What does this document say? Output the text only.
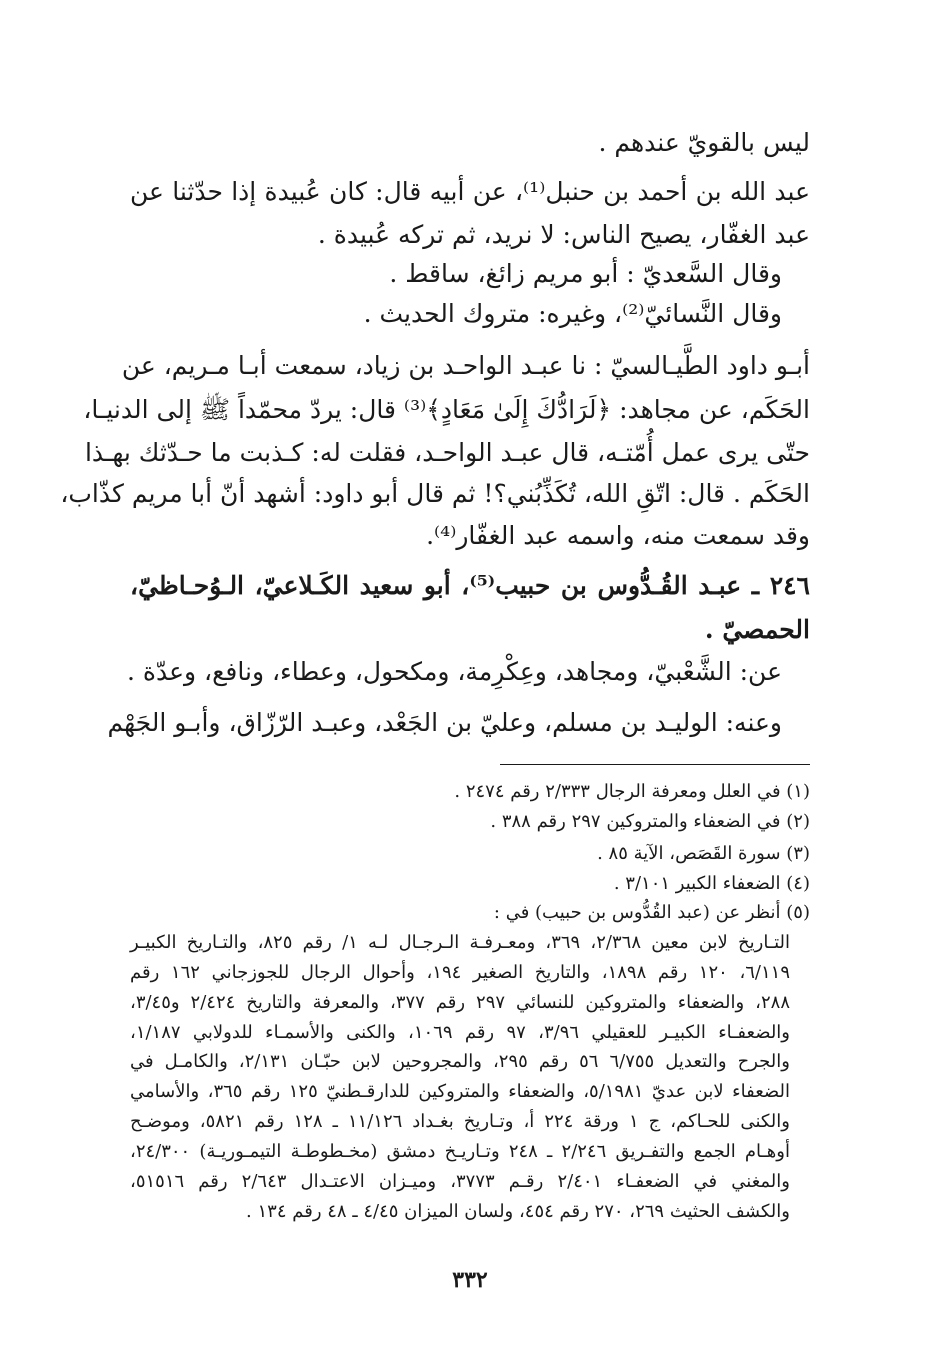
ليس بالقويّ عندهم .
عبد الله بن أحمد بن حنبل⁽¹⁾، عن أبيه قال: كان عُبيدة إذا حدّثنا عن
عبد الغفّار، يصيح الناس: لا نريد، ثم تركه عُبيدة .
وقال السَّعديّ : أبو مريم زائغ، ساقط .
وقال النَّسائيّ⁽²⁾، وغيره: متروك الحديث .
أبـو داود الطَّيـالسيّ : نا عبـد الواحـد بن زياد، سمعت أبـا مـريم، عن
الحَكَم، عن مجاهد: ﴿لَرَادُّكَ إِلَىٰ مَعَادٍ﴾⁽³⁾ قال: يردّ محمّداً ﷺ إلى الدنيـا،
حتّى يرى عمل أُمّتـه، قال عبـد الواحـد، فقلت له: كـذبت ما حـدّثك بهـذا
الحَكَم . قال: اتّقِ الله، تُكَذِّبُني؟! ثم قال أبو داود: أشهد أنّ أبا مريم كذّاب،
وقد سمعت منه، واسمه عبد الغفّار⁽⁴⁾.
٢٤٦ ـ عبـد القُـدُّوس بن حبيب⁽⁵⁾، أبو سعيد الكَـلاعيّ، الـوُحـاظيّ،
الحمصيّ .
عن: الشَّعْبيّ، ومجاهد، وعِكْرِمة، ومكحول، وعطاء، ونافع، وعدّة .
وعنه: الوليـد بن مسلم، وعليّ بن الجَعْد، وعبـد الرّزّاق، وأبـو الجَهْم
(١) في العلل ومعرفة الرجال ٢/٣٣٣ رقم ٢٤٧٤ .
(٢) في الضعفاء والمتروكين ٢٩٧ رقم ٣٨٨ .
(٣) سورة القَصَص، الآية ٨٥ .
(٤) الضعفاء الكبير ٣/١٠١ .
(٥) أنظر عن (عبد القُدُّوس بن حبيب) في :
التـاريخ لابن معين ٢/٣٦٨، ٣٦٩، ومعـرفـة الـرجـال لـه ١/ رقم ٨٢٥، والتـاريخ الكبيـر
٦/١١٩، ١٢٠ رقم ١٨٩٨، والتاريخ الصغير ١٩٤، وأحوال الرجال للجوزجاني ١٦٢ رقم
٢٨٨، والضعفاء والمتروكين للنسائي ٢٩٧ رقم ٣٧٧، والمعرفة والتاريخ ٢/٤٢٤ و٣/٤٥،
والضعفـاء الكبيـر للعقيلي ٣/٩٦، ٩٧ رقم ١٠٦٩، والكنى والأسمـاء للدولابي ١/١٨٧،
والجرح والتعديل ٦/٧٥٥ ٥٦ رقم ٢٩٥، والمجروحين لابن حبّـان ٢/١٣١، والكامـل في
الضعفاء لابن عديّ ٥/١٩٨١، والضعفاء والمتروكين للدارقـطنيّ ١٢٥ رقم ٣٦٥، والأسامي
والكنى للحـاكم، ج ١ ورقة ٢٢٤ أ، وتـاريخ بغـداد ١١/١٢٦ ـ ١٢٨ رقم ٥٨٢١، وموضـح
أوهـام الجمع والتفـريق ٢/٢٤٦ ـ ٢٤٨ وتـاريـخ دمشق (مخـطوطـة التيمـوريـة) ٢٤/٣٠٠،
والمغني في الضعفـاء ٢/٤٠١ رقـم ٣٧٧٣، وميـزان الاعتـدال ٢/٦٤٣ رقم ٥١٥١٦،
والكشف الحثيث ٢٦٩، ٢٧٠ رقم ٤٥٤، ولسان الميزان ٤/٤٥ ـ ٤٨ رقم ١٣٤ .
٣٣٢
